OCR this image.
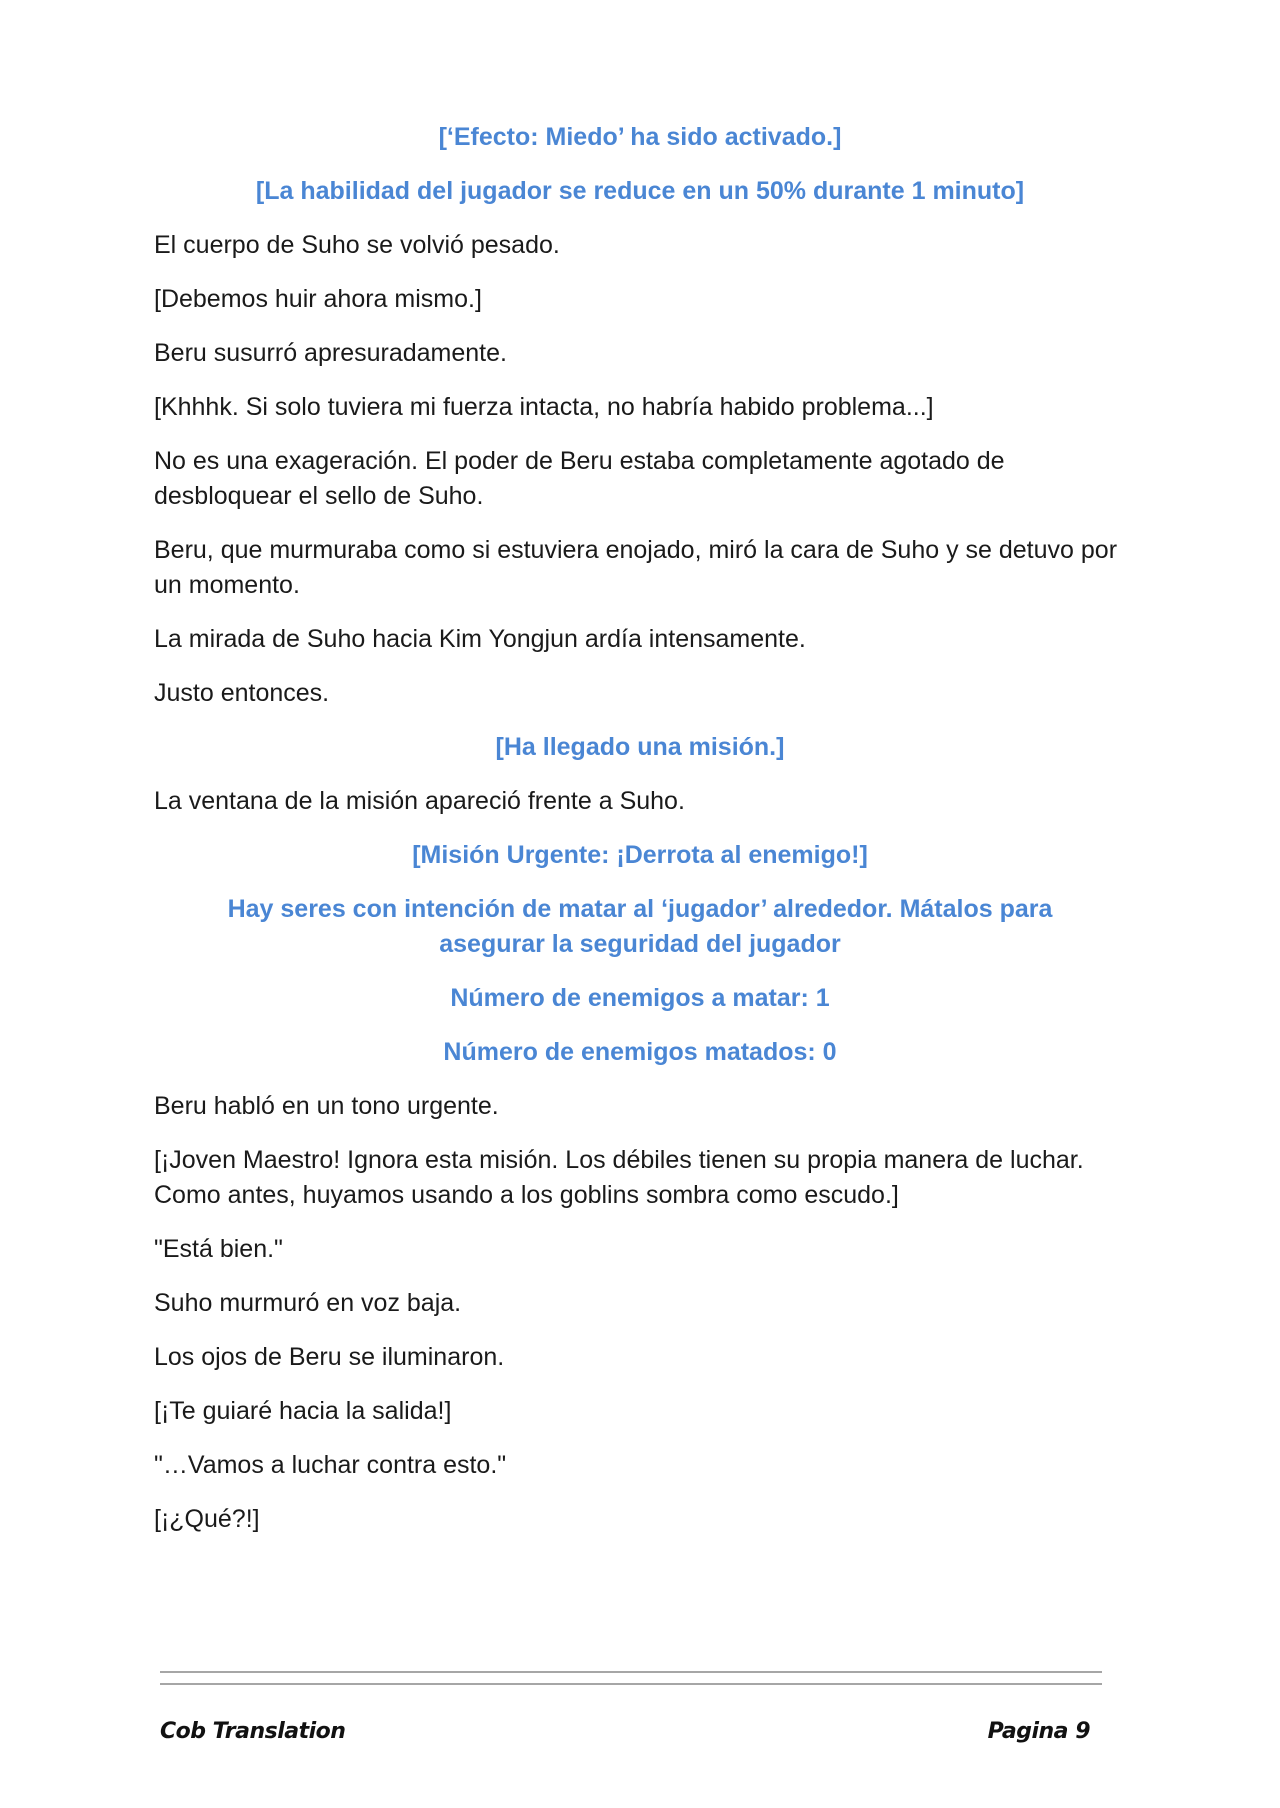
[‘Efecto: Miedo’ ha sido activado.]

[La habilidad del jugador se reduce en un 50% durante 1 minuto]

El cuerpo de Suho se volvió pesado.

[Debemos huir ahora mismo.]

Beru susurró apresuradamente.

[Khhhk. Si solo tuviera mi fuerza intacta, no habría habido problema...]

No es una exageración. El poder de Beru estaba completamente agotado de desbloquear el sello de Suho.

Beru, que murmuraba como si estuviera enojado, miró la cara de Suho y se detuvo por un momento.

La mirada de Suho hacia Kim Yongjun ardía intensamente.

Justo entonces.

[Ha llegado una misión.]

La ventana de la misión apareció frente a Suho.

[Misión Urgente: ¡Derrota al enemigo!]

Hay seres con intención de matar al ‘jugador’ alrededor. Mátalos para asegurar la seguridad del jugador

Número de enemigos a matar: 1

Número de enemigos matados: 0

Beru habló en un tono urgente.

[¡Joven Maestro! Ignora esta misión. Los débiles tienen su propia manera de luchar. Como antes, huyamos usando a los goblins sombra como escudo.]

"Está bien."

Suho murmuró en voz baja.

Los ojos de Beru se iluminaron.

[¡Te guiaré hacia la salida!]

"…Vamos a luchar contra esto."

[¡¿Qué?!]

Cob Translation	Pagina 9
